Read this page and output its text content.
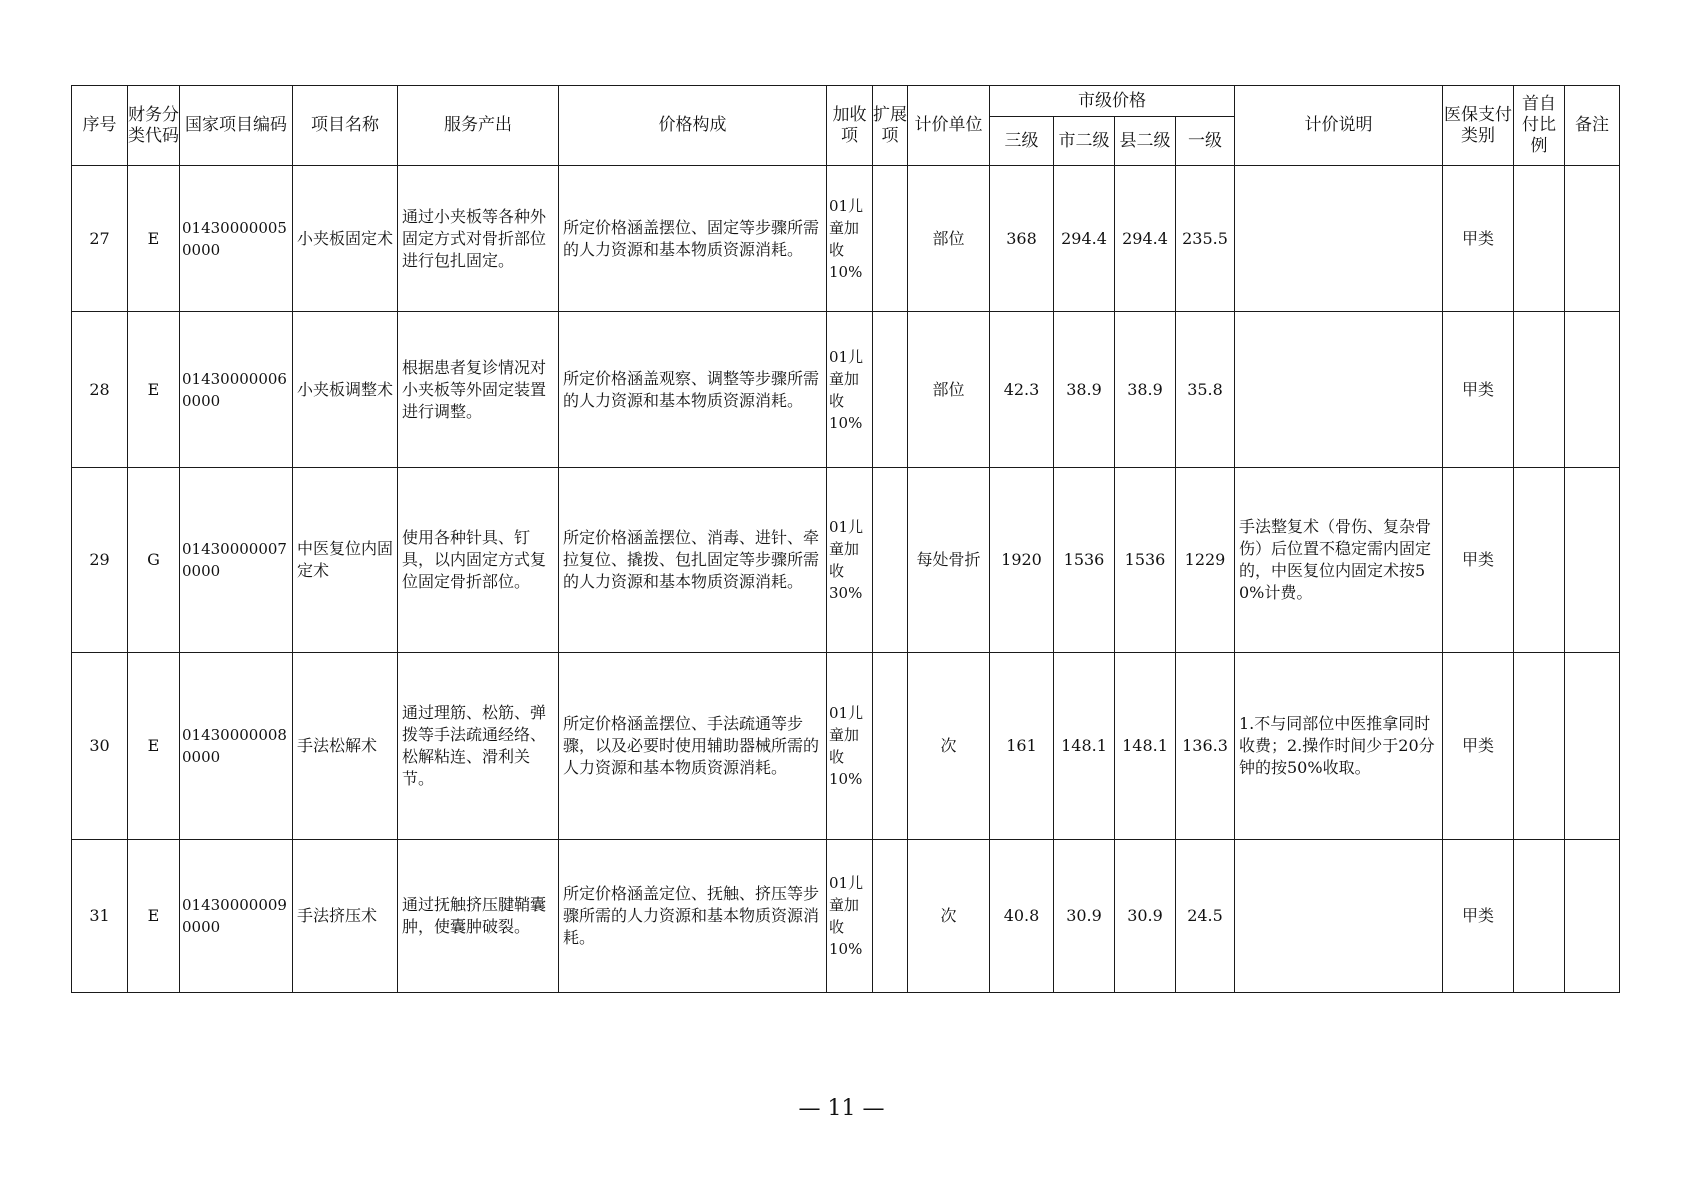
序号	财务分类代码	国家项目编码	项目名称	服务产出	价格构成	加收项	扩展项	计价单位	市级价格				计价说明	医保支付类别	首自付比例	备注
									三级	市二级	县二级	一级				
27	E	014300000050000	小夹板固定术	通过小夹板等各种外固定方式对骨折部位进行包扎固定。	所定价格涵盖摆位、固定等步骤所需的人力资源和基本物质资源消耗。	01儿童加收10%		部位	368	294.4	294.4	235.5		甲类		
28	E	014300000060000	小夹板调整术	根据患者复诊情况对小夹板等外固定装置进行调整。	所定价格涵盖观察、调整等步骤所需的人力资源和基本物质资源消耗。	01儿童加收10%		部位	42.3	38.9	38.9	35.8		甲类		
29	G	014300000070000	中医复位内固定术	使用各种针具、钉具，以内固定方式复位固定骨折部位。	所定价格涵盖摆位、消毒、进针、牵拉复位、撬拨、包扎固定等步骤所需的人力资源和基本物质资源消耗。	01儿童加收30%		每处骨折	1920	1536	1536	1229	手法整复术（骨伤、复杂骨伤）后位置不稳定需内固定的，中医复位内固定术按50%计费。	甲类		
30	E	014300000080000	手法松解术	通过理筋、松筋、弹拨等手法疏通经络、松解粘连、滑利关节。	所定价格涵盖摆位、手法疏通等步骤，以及必要时使用辅助器械所需的人力资源和基本物质资源消耗。	01儿童加收10%		次	161	148.1	148.1	136.3	1.不与同部位中医推拿同时收费；2.操作时间少于20分钟的按50%收取。	甲类		
31	E	014300000090000	手法挤压术	通过抚触挤压腱鞘囊肿，使囊肿破裂。	所定价格涵盖定位、抚触、挤压等步骤所需的人力资源和基本物质资源消耗。	01儿童加收10%		次	40.8	30.9	30.9	24.5		甲类		
— 11 —
